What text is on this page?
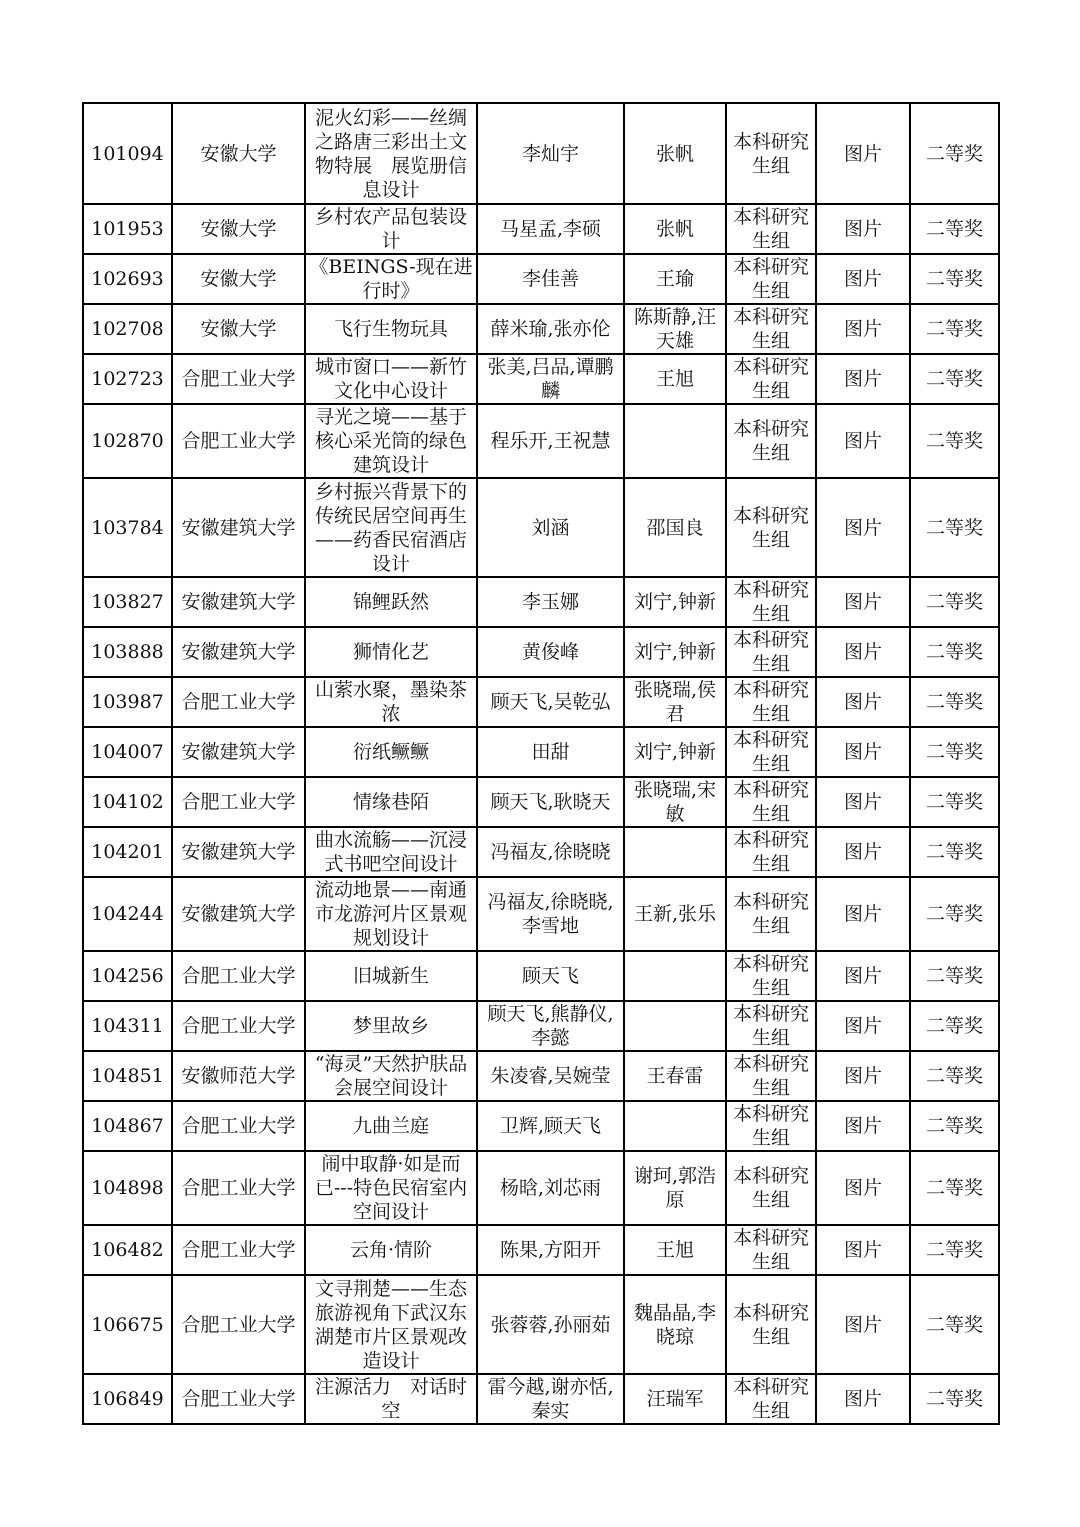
101094	安徽大学	泥火幻彩——丝绸之路唐三彩出土文物特展　展览册信息设计	李灿宇	张帆	本科研究生组	图片	二等奖
101953	安徽大学	乡村农产品包装设计	马星孟,李硕	张帆	本科研究生组	图片	二等奖
102693	安徽大学	《BEINGS-现在进行时》	李佳善	王瑜	本科研究生组	图片	二等奖
102708	安徽大学	飞行生物玩具	薛米瑜,张亦伦	陈斯静,汪天雄	本科研究生组	图片	二等奖
102723	合肥工业大学	城市窗口——新竹文化中心设计	张美,吕品,谭鹏麟	王旭	本科研究生组	图片	二等奖
102870	合肥工业大学	寻光之境——基于核心采光筒的绿色建筑设计	程乐开,王祝慧		本科研究生组	图片	二等奖
103784	安徽建筑大学	乡村振兴背景下的传统民居空间再生——药香民宿酒店设计	刘涵	邵国良	本科研究生组	图片	二等奖
103827	安徽建筑大学	锦鲤跃然	李玉娜	刘宁,钟新	本科研究生组	图片	二等奖
103888	安徽建筑大学	狮情化艺	黄俊峰	刘宁,钟新	本科研究生组	图片	二等奖
103987	合肥工业大学	山萦水聚，墨染茶浓	顾天飞,吴乾弘	张晓瑞,侯君	本科研究生组	图片	二等奖
104007	安徽建筑大学	衍纸鳜鳜	田甜	刘宁,钟新	本科研究生组	图片	二等奖
104102	合肥工业大学	情缘巷陌	顾天飞,耿晓天	张晓瑞,宋敏	本科研究生组	图片	二等奖
104201	安徽建筑大学	曲水流觞——沉浸式书吧空间设计	冯福友,徐晓晓		本科研究生组	图片	二等奖
104244	安徽建筑大学	流动地景——南通市龙游河片区景观规划设计	冯福友,徐晓晓,李雪地	王新,张乐	本科研究生组	图片	二等奖
104256	合肥工业大学	旧城新生	顾天飞		本科研究生组	图片	二等奖
104311	合肥工业大学	梦里故乡	顾天飞,熊静仪,李懿		本科研究生组	图片	二等奖
104851	安徽师范大学	“海灵”天然护肤品会展空间设计	朱凌睿,吴婉莹	王春雷	本科研究生组	图片	二等奖
104867	合肥工业大学	九曲兰庭	卫辉,顾天飞		本科研究生组	图片	二等奖
104898	合肥工业大学	闹中取静·如是而已---特色民宿室内空间设计	杨晗,刘芯雨	谢珂,郭浩原	本科研究生组	图片	二等奖
106482	合肥工业大学	云角·情阶	陈果,方阳开	王旭	本科研究生组	图片	二等奖
106675	合肥工业大学	文寻荆楚——生态旅游视角下武汉东湖楚市片区景观改造设计	张蓉蓉,孙丽茹	魏晶晶,李晓琼	本科研究生组	图片	二等奖
106849	合肥工业大学	注源活力　对话时空	雷今越,谢亦恬,秦实	汪瑞军	本科研究生组	图片	二等奖
